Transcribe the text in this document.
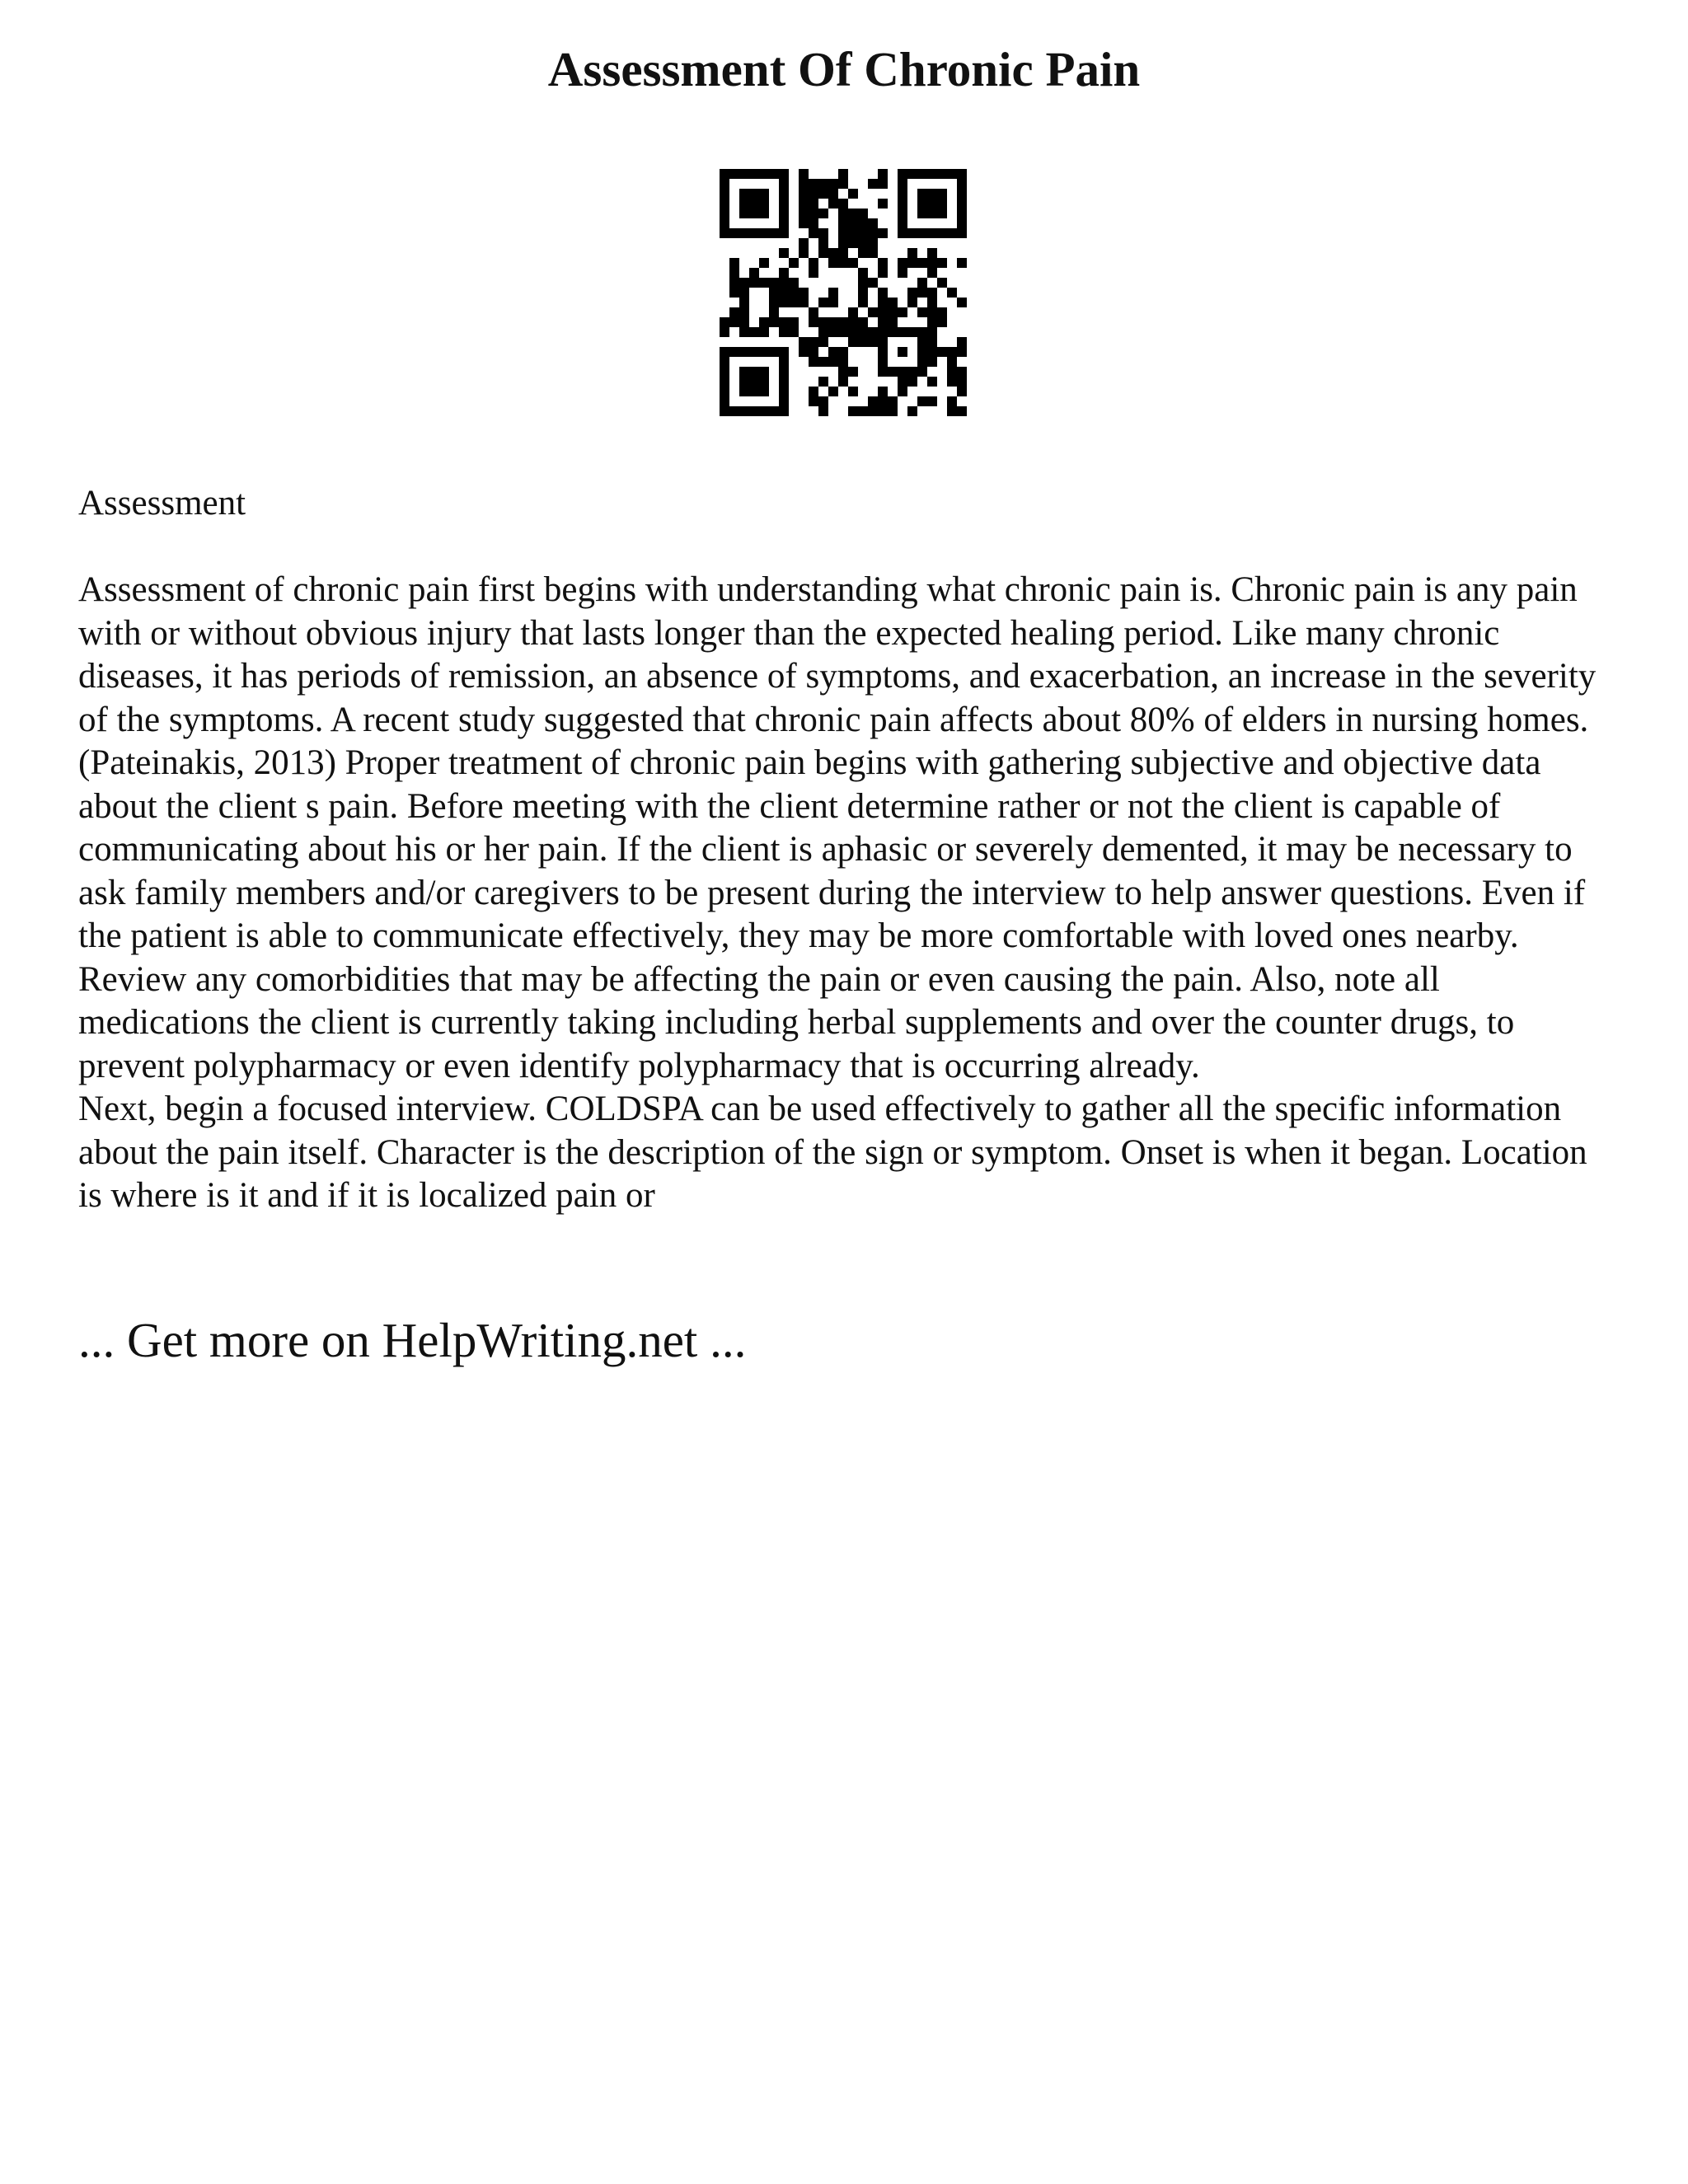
Assessment Of Chronic Pain
Assessment

Assessment of chronic pain first begins with understanding what chronic pain is. Chronic pain is any pain with or without obvious injury that lasts longer than the expected healing period. Like many chronic diseases, it has periods of remission, an absence of symptoms, and exacerbation, an increase in the severity of the symptoms. A recent study suggested that chronic pain affects about 80% of elders in nursing homes. (Pateinakis, 2013) Proper treatment of chronic pain begins with gathering subjective and objective data about the client s pain. Before meeting with the client determine rather or not the client is capable of communicating about his or her pain. If the client is aphasic or severely demented, it may be necessary to ask family members and/or caregivers to be present during the interview to help answer questions. Even if the patient is able to communicate effectively, they may be more comfortable with loved ones nearby. Review any comorbidities that may be affecting the pain or even causing the pain. Also, note all medications the client is currently taking including herbal supplements and over the counter drugs, to prevent polypharmacy or even identify polypharmacy that is occurring already.

Next, begin a focused interview. COLDSPA can be used effectively to gather all the specific information about the pain itself. Character is the description of the sign or symptom. Onset is when it began. Location is where is it and if it is localized pain or

... Get more on HelpWriting.net ...
